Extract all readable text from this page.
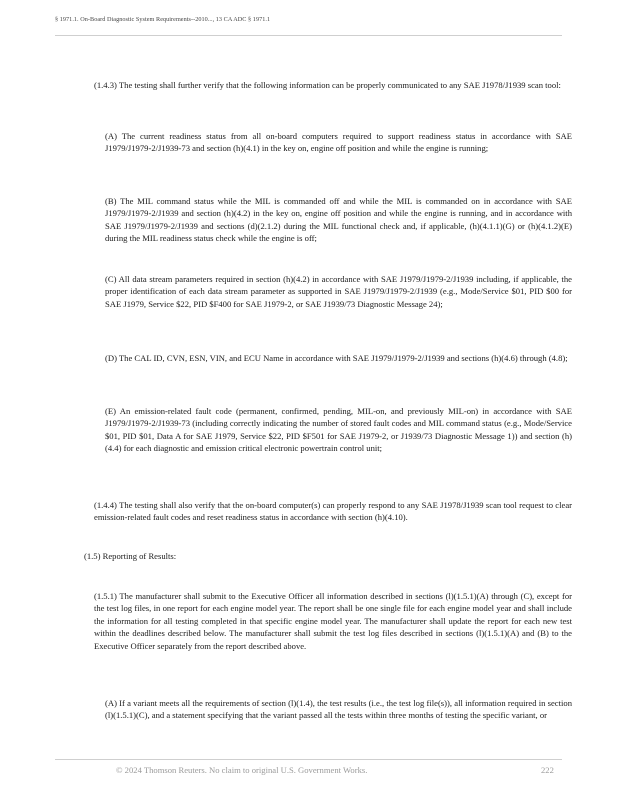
§ 1971.1. On-Board Diagnostic System Requirements--2010..., 13 CA ADC § 1971.1

(1.4.3) The testing shall further verify that the following information can be properly communicated to any SAE J1978/J1939 scan tool:

(A) The current readiness status from all on-board computers required to support readiness status in accordance with SAE J1979/J1979-2/J1939-73 and section (h)(4.1) in the key on, engine off position and while the engine is running;

(B) The MIL command status while the MIL is commanded off and while the MIL is commanded on in accordance with SAE J1979/J1979-2/J1939 and section (h)(4.2) in the key on, engine off position and while the engine is running, and in accordance with SAE J1979/J1979-2/J1939 and sections (d)(2.1.2) during the MIL functional check and, if applicable, (h)(4.1.1)(G) or (h)(4.1.2)(E) during the MIL readiness status check while the engine is off;

(C) All data stream parameters required in section (h)(4.2) in accordance with SAE J1979/J1979-2/J1939 including, if applicable, the proper identification of each data stream parameter as supported in SAE J1979/J1979-2/J1939 (e.g., Mode/Service $01, PID $00 for SAE J1979, Service $22, PID $F400 for SAE J1979-2, or SAE J1939/73 Diagnostic Message 24);

(D) The CAL ID, CVN, ESN, VIN, and ECU Name in accordance with SAE J1979/J1979-2/J1939 and sections (h)(4.6) through (4.8);

(E) An emission-related fault code (permanent, confirmed, pending, MIL-on, and previously MIL-on) in accordance with SAE J1979/J1979-2/J1939-73 (including correctly indicating the number of stored fault codes and MIL command status (e.g., Mode/Service $01, PID $01, Data A for SAE J1979, Service $22, PID $F501 for SAE J1979-2, or J1939/73 Diagnostic Message 1)) and section (h)(4.4) for each diagnostic and emission critical electronic powertrain control unit;

(1.4.4) The testing shall also verify that the on-board computer(s) can properly respond to any SAE J1978/J1939 scan tool request to clear emission-related fault codes and reset readiness status in accordance with section (h)(4.10).

(1.5) Reporting of Results:

(1.5.1) The manufacturer shall submit to the Executive Officer all information described in sections (l)(1.5.1)(A) through (C), except for the test log files, in one report for each engine model year. The report shall be one single file for each engine model year and shall include the information for all testing completed in that specific engine model year. The manufacturer shall update the report for each new test within the deadlines described below. The manufacturer shall submit the test log files described in sections (l)(1.5.1)(A) and (B) to the Executive Officer separately from the report described above.

(A) If a variant meets all the requirements of section (l)(1.4), the test results (i.e., the test log file(s)), all information required in section (l)(1.5.1)(C), and a statement specifying that the variant passed all the tests within three months of testing the specific variant, or

© 2024 Thomson Reuters. No claim to original U.S. Government Works.	222
